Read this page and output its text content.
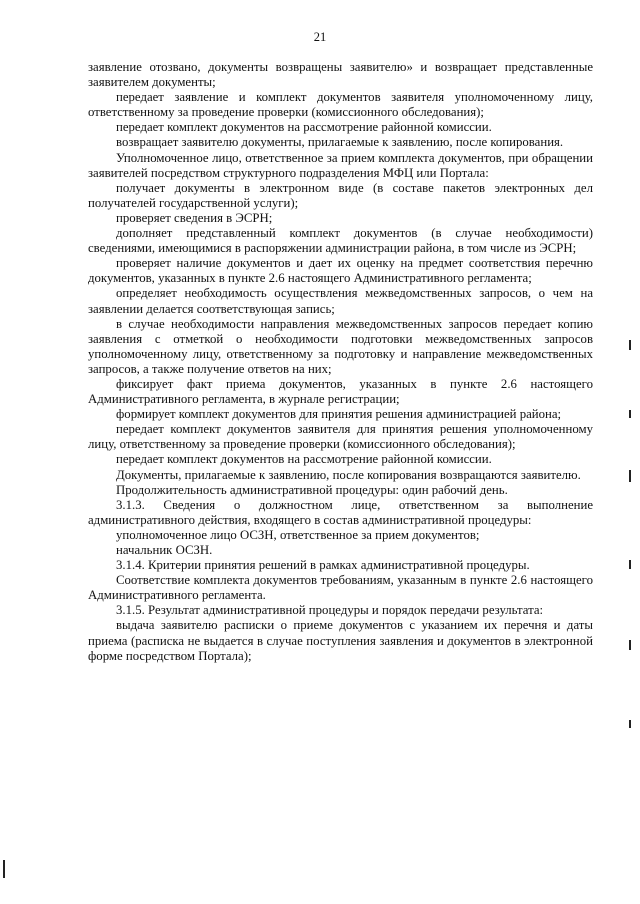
21

заявление отозвано, документы возвращены заявителю» и возвращает представленные заявителем документы;

передает заявление и комплект документов заявителя уполномоченному лицу, ответственному за проведение проверки (комиссионного обследования);

передает комплект документов на рассмотрение районной комиссии.

возвращает заявителю документы, прилагаемые к заявлению, после копирования.

Уполномоченное лицо, ответственное за прием комплекта документов, при обращении заявителей посредством структурного подразделения МФЦ или Портала:

получает документы в электронном виде (в составе пакетов электронных дел получателей государственной услуги);

проверяет сведения в ЭСРН;

дополняет представленный комплект документов (в случае необходимости) сведениями, имеющимися в распоряжении администрации района, в том числе из ЭСРН;

проверяет наличие документов и дает их оценку на предмет соответствия перечню документов, указанных в пункте 2.6 настоящего Административного регламента;

определяет необходимость осуществления межведомственных запросов, о чем на заявлении делается соответствующая запись;

в случае необходимости направления межведомственных запросов передает копию заявления с отметкой о необходимости подготовки межведомственных запросов уполномоченному лицу, ответственному за подготовку и направление межведомственных запросов, а также получение ответов на них;

фиксирует факт приема документов, указанных в пункте 2.6 настоящего Административного регламента, в журнале регистрации;

формирует комплект документов для принятия решения администрацией района;

передает комплект документов заявителя для принятия решения уполномоченному лицу, ответственному за проведение проверки (комиссионного обследования);

передает комплект документов на рассмотрение районной комиссии.

Документы, прилагаемые к заявлению, после копирования возвращаются заявителю.

Продолжительность административной процедуры: один рабочий день.

3.1.3. Сведения о должностном лице, ответственном за выполнение административного действия, входящего в состав административной процедуры:

уполномоченное лицо ОСЗН, ответственное за прием документов;

начальник ОСЗН.

3.1.4. Критерии принятия решений в рамках административной процедуры.

Соответствие комплекта документов требованиям, указанным в пункте 2.6 настоящего Административного регламента.

3.1.5. Результат административной процедуры и порядок передачи результата:

выдача заявителю расписки о приеме документов с указанием их перечня и даты приема (расписка не выдается в случае поступления заявления и документов в электронной форме посредством Портала);
